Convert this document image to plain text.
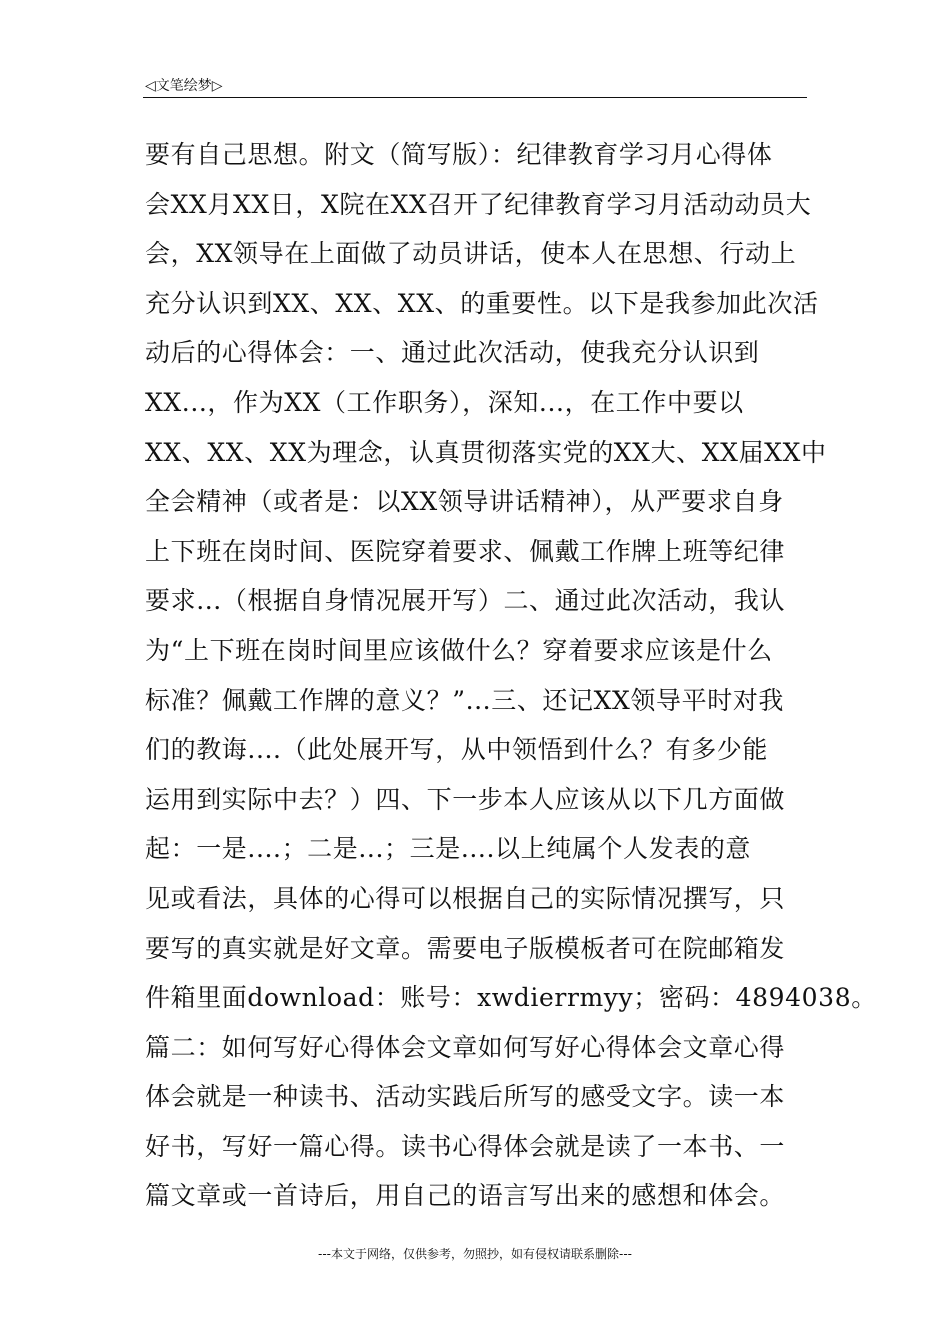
◁文笔绘梦▷
要有自己思想。附文（简写版）：纪律教育学习月心得体
会XX月XX日，X院在XX召开了纪律教育学习月活动动员大
会，XX领导在上面做了动员讲话，使本人在思想、行动上
充分认识到XX、XX、XX、的重要性。以下是我参加此次活
动后的心得体会：一、通过此次活动，使我充分认识到
XX...，作为XX（工作职务），深知...，在工作中要以
XX、XX、XX为理念，认真贯彻落实党的XX大、XX届XX中
全会精神（或者是：以XX领导讲话精神），从严要求自身
上下班在岗时间、医院穿着要求、佩戴工作牌上班等纪律
要求...（根据自身情况展开写）二、通过此次活动，我认
为“上下班在岗时间里应该做什么？穿着要求应该是什么
标准？佩戴工作牌的意义？”...三、还记XX领导平时对我
们的教诲....（此处展开写，从中领悟到什么？有多少能
运用到实际中去？）四、下一步本人应该从以下几方面做
起：一是....；二是...；三是....以上纯属个人发表的意
见或看法，具体的心得可以根据自己的实际情况撰写，只
要写的真实就是好文章。需要电子版模板者可在院邮箱发
件箱里面download：账号：xwdierrmyy；密码：4894038。
篇二：如何写好心得体会文章如何写好心得体会文章心得
体会就是一种读书、活动实践后所写的感受文字。读一本
好书，写好一篇心得。读书心得体会就是读了一本书、一
篇文章或一首诗后，用自己的语言写出来的感想和体会。
---本文于网络，仅供参考，勿照抄，如有侵权请联系删除---
